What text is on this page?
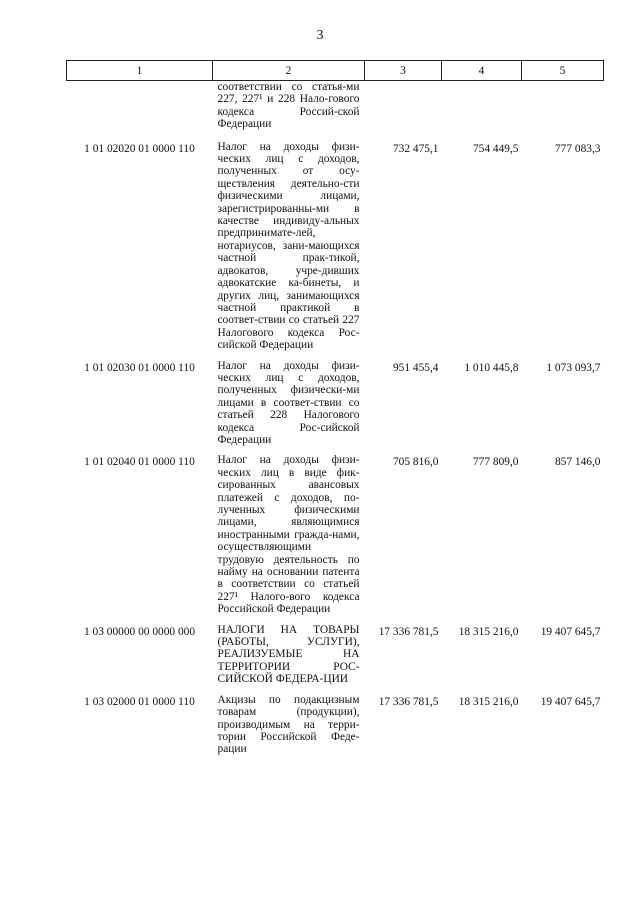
3
1	2	3	4	5
	соответствии со статья-ми 227, 227¹ и 228 Нало-гового кодекса Россий-ской Федерации			
1 01 02020 01 0000 110	Налог на доходы физи-ческих лиц с доходов, полученных от осу-ществления деятельно-сти физическими лицами, зарегистрированны-ми в качестве индивиду-альных предпринимате-лей, нотариусов, зани-мающихся частной прак-тикой, адвокатов, учре-дивших адвокатские ка-бинеты, и других лиц, занимающихся частной практикой в соответ-ствии со статьей 227 Налогового кодекса Рос-сийской Федерации	732 475,1	754 449,5	777 083,3
1 01 02030 01 0000 110	Налог на доходы физи-ческих лиц с доходов, полученных физически-ми лицами в соответ-ствии со статьей 228 Налогового кодекса Рос-сийской Федерации	951 455,4	1 010 445,8	1 073 093,7
1 01 02040 01 0000 110	Налог на доходы физи-ческих лиц в виде фик-сированных авансовых платежей с доходов, по-лученных физическими лицами, являющимися иностранными гражда-нами, осуществляющими трудовую деятельность по найму на основании патента в соответствии со статьей 227¹ Налого-вого кодекса Российской Федерации	705 816,0	777 809,0	857 146,0
1 03 00000 00 0000 000	НАЛОГИ НА ТОВАРЫ (РАБОТЫ, УСЛУГИ), РЕАЛИЗУЕМЫЕ НА ТЕРРИТОРИИ РОС-СИЙСКОЙ ФЕДЕРА-ЦИИ	17 336 781,5	18 315 216,0	19 407 645,7
1 03 02000 01 0000 110	Акцизы по подакцизным товарам (продукции), производимым на терри-тории Российской Феде-рации	17 336 781,5	18 315 216,0	19 407 645,7
